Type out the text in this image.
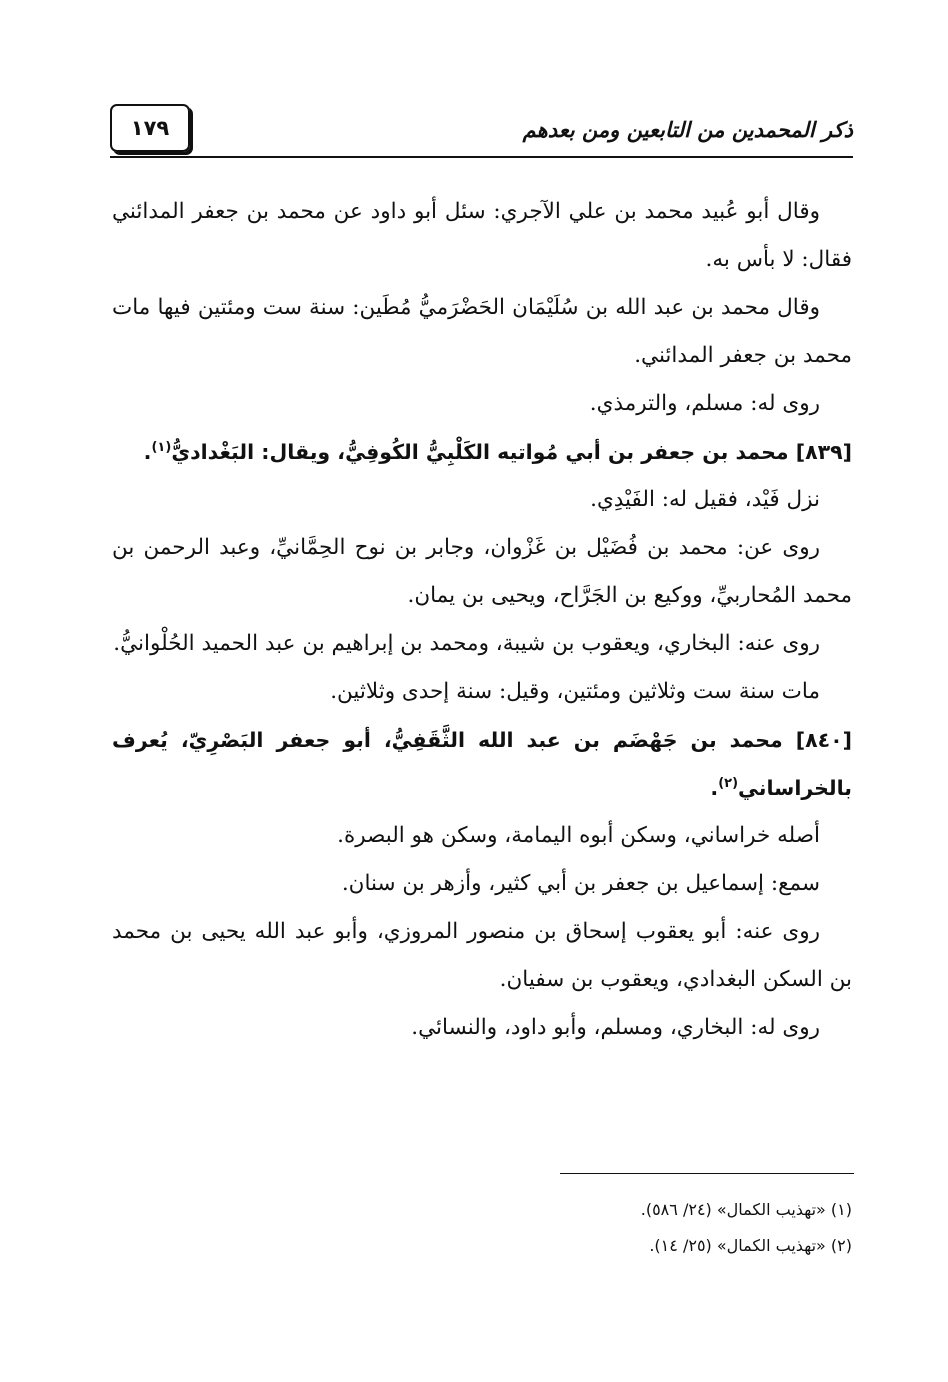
ذكر المحمدين من التابعين ومن بعدهم
١٧٩

وقال أبو عُبيد محمد بن علي الآجري: سئل أبو داود عن محمد بن جعفر المدائني فقال: لا بأس به.

وقال محمد بن عبد الله بن سُلَيْمَان الحَضْرَميُّ مُطَين: سنة ست ومئتين فيها مات محمد بن جعفر المدائني.

روى له: مسلم، والترمذي.

[٨٣٩] محمد بن جعفر بن أبي مُواتيه الكَلْبِيُّ الكُوفِيُّ، ويقال: البَغْداديُّ$^{(١)}$.

نزل فَيْد، فقيل له: الفَيْدِي.

روى عن: محمد بن فُضَيْل بن غَزْوان، وجابر بن نوح الحِمَّانيِّ، وعبد الرحمن بن محمد المُحاربيِّ، ووكيع بن الجَرَّاح، ويحيى بن يمان.

روى عنه: البخاري، ويعقوب بن شيبة، ومحمد بن إبراهيم بن عبد الحميد الحُلْوانيُّ.

مات سنة ست وثلاثين ومئتين، وقيل: سنة إحدى وثلاثين.

[٨٤٠] محمد بن جَهْضَم بن عبد الله الثَّقَفِيُّ، أبو جعفر البَصْرِيّ، يُعرف بالخراساني$^{(٢)}$.

أصله خراساني، وسكن أبوه اليمامة، وسكن هو البصرة.

سمع: إسماعيل بن جعفر بن أبي كثير، وأزهر بن سنان.

روى عنه: أبو يعقوب إسحاق بن منصور المروزي، وأبو عبد الله يحيى بن محمد بن السكن البغدادي، ويعقوب بن سفيان.

روى له: البخاري، ومسلم، وأبو داود، والنسائي.

(١) «تهذيب الكمال» (٢٤/ ٥٨٦).

(٢) «تهذيب الكمال» (٢٥/ ١٤).
